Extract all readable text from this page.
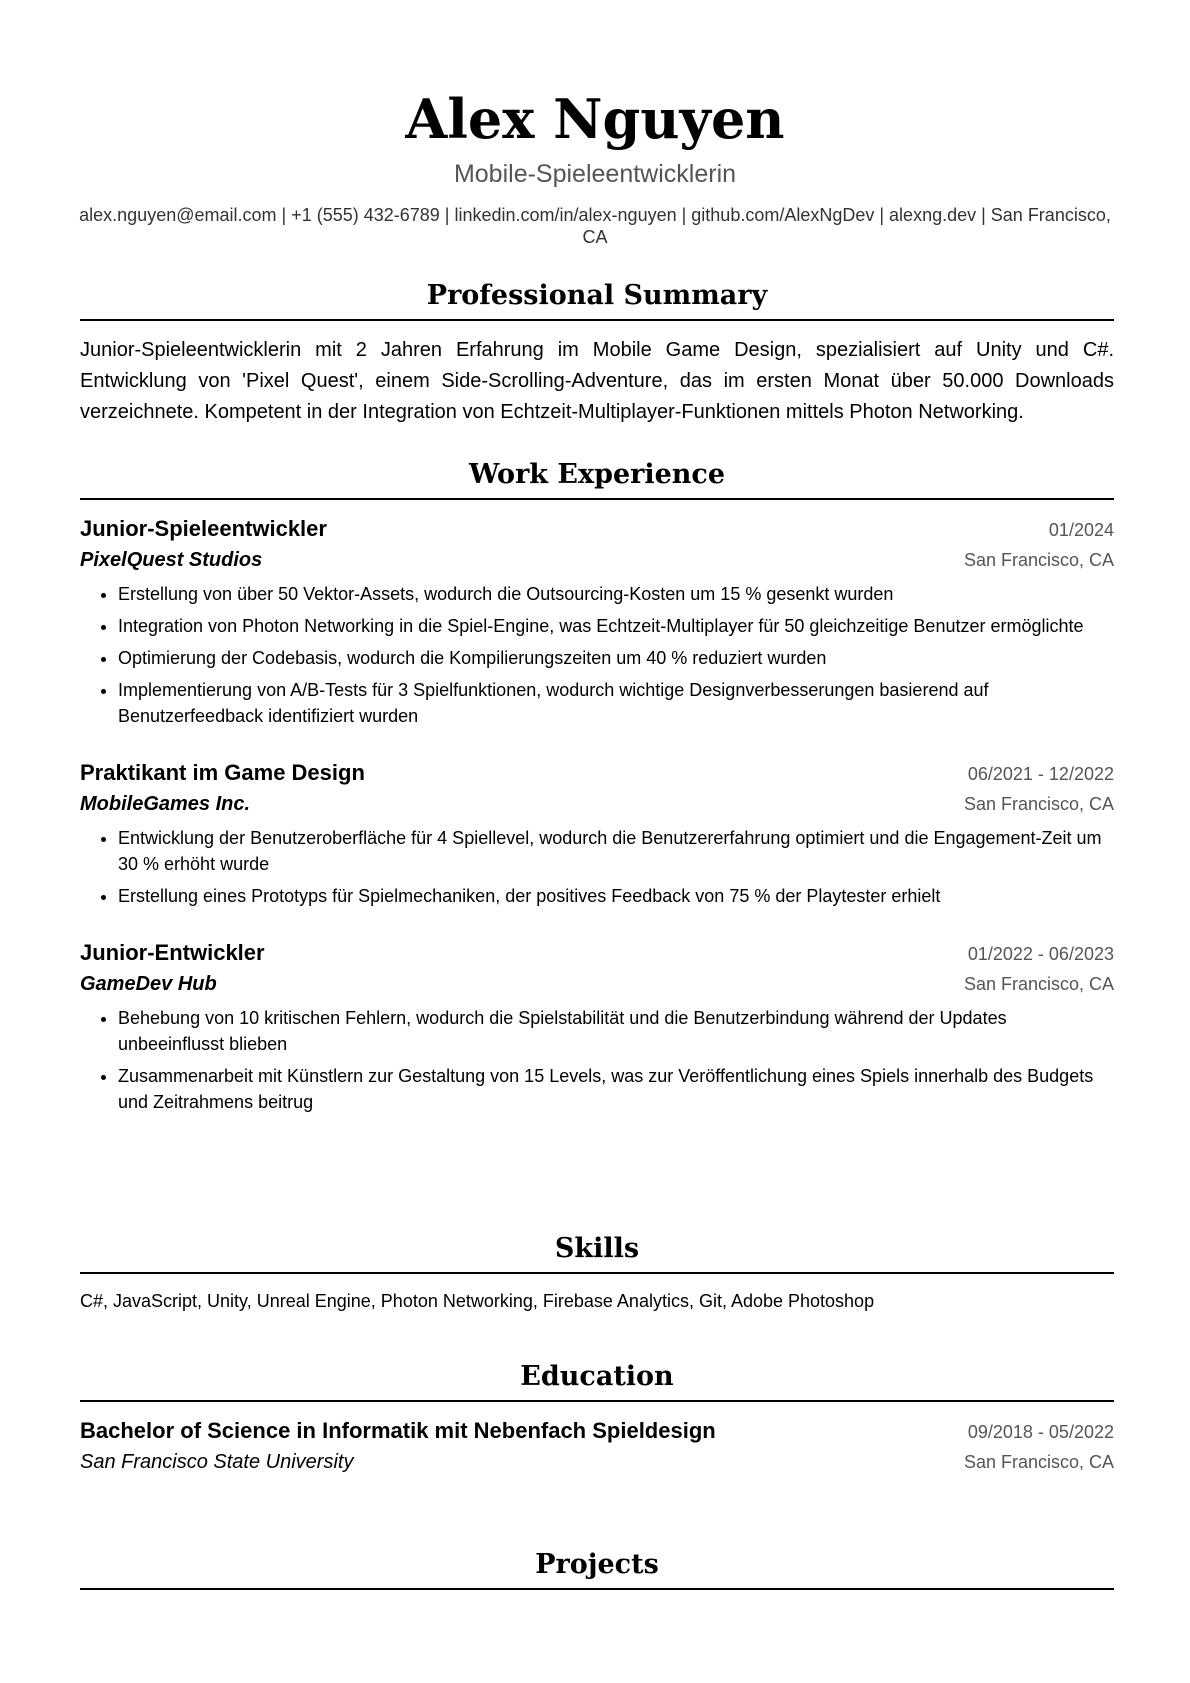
Alex Nguyen
Mobile-Spieleentwicklerin
alex.nguyen@email.com | +1 (555) 432-6789 | linkedin.com/in/alex-nguyen | github.com/AlexNgDev | alexng.dev | San Francisco, CA
Professional Summary
Junior-Spieleentwicklerin mit 2 Jahren Erfahrung im Mobile Game Design, spezialisiert auf Unity und C#. Entwicklung von 'Pixel Quest', einem Side-Scrolling-Adventure, das im ersten Monat über 50.000 Downloads verzeichnete. Kompetent in der Integration von Echtzeit-Multiplayer-Funktionen mittels Photon Networking.
Work Experience
Junior-Spieleentwickler	01/2024
PixelQuest Studios	San Francisco, CA
• Erstellung von über 50 Vektor-Assets, wodurch die Outsourcing-Kosten um 15 % gesenkt wurden
• Integration von Photon Networking in die Spiel-Engine, was Echtzeit-Multiplayer für 50 gleichzeitige Benutzer ermöglichte
• Optimierung der Codebasis, wodurch die Kompilierungszeiten um 40 % reduziert wurden
• Implementierung von A/B-Tests für 3 Spielfunktionen, wodurch wichtige Designverbesserungen basierend auf Benutzerfeedback identifiziert wurden
Praktikant im Game Design	06/2021 - 12/2022
MobileGames Inc.	San Francisco, CA
• Entwicklung der Benutzeroberfläche für 4 Spiellevel, wodurch die Benutzererfahrung optimiert und die Engagement-Zeit um 30 % erhöht wurde
• Erstellung eines Prototyps für Spielmechaniken, der positives Feedback von 75 % der Playtester erhielt
Junior-Entwickler	01/2022 - 06/2023
GameDev Hub	San Francisco, CA
• Behebung von 10 kritischen Fehlern, wodurch die Spielstabilität und die Benutzerbindung während der Updates unbeeinflusst blieben
• Zusammenarbeit mit Künstlern zur Gestaltung von 15 Levels, was zur Veröffentlichung eines Spiels innerhalb des Budgets und Zeitrahmens beitrug
Skills
C#, JavaScript, Unity, Unreal Engine, Photon Networking, Firebase Analytics, Git, Adobe Photoshop
Education
Bachelor of Science in Informatik mit Nebenfach Spieldesign	09/2018 - 05/2022
San Francisco State University	San Francisco, CA
Projects
